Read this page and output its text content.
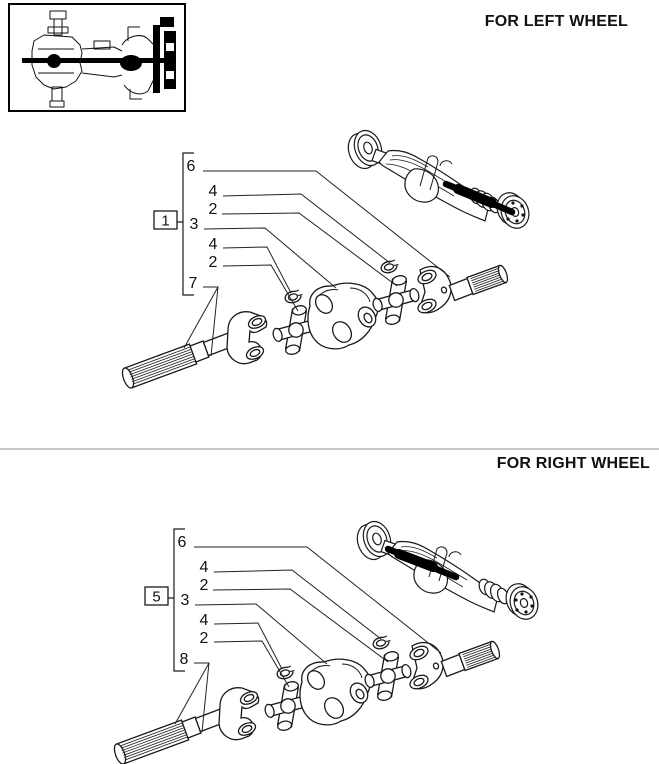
FOR LEFT WHEEL
FOR RIGHT WHEEL
1
6
4
2
3
4
2
7
5
6
4
2
3
4
2
8
